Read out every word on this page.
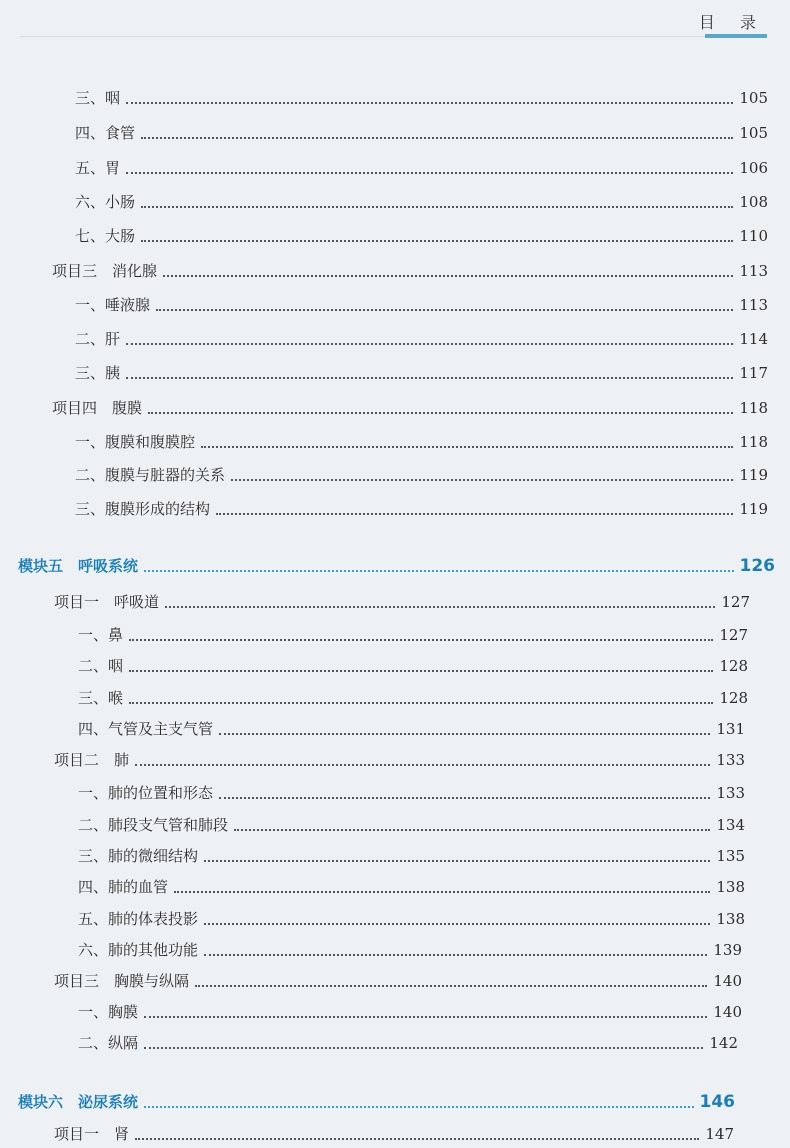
目 录
三、咽	105
四、食管	105
五、胃	106
六、小肠	108
七、大肠	110
项目三　消化腺	113
一、唾液腺	113
二、肝	114
三、胰	117
项目四　腹膜	118
一、腹膜和腹膜腔	118
二、腹膜与脏器的关系	119
三、腹膜形成的结构	119
模块五　呼吸系统	126
项目一　呼吸道	127
一、鼻	127
二、咽	128
三、喉	128
四、气管及主支气管	131
项目二　肺	133
一、肺的位置和形态	133
二、肺段支气管和肺段	134
三、肺的微细结构	135
四、肺的血管	138
五、肺的体表投影	138
六、肺的其他功能	139
项目三　胸膜与纵隔	140
一、胸膜	140
二、纵隔	142
模块六　泌尿系统	146
项目一　肾	147
